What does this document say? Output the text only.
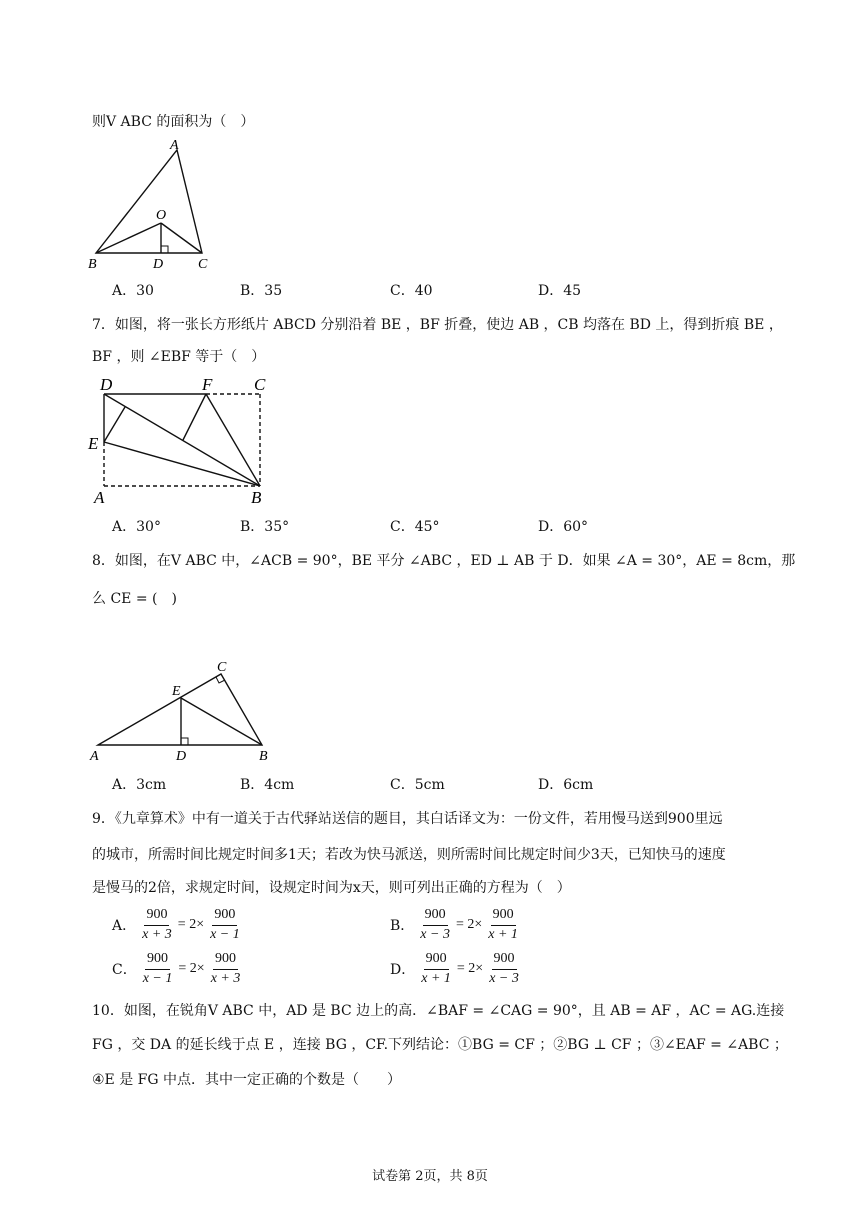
则V ABC 的面积为（　）
A
O
B	D C
A．30	B．35	C．40	D．45
7．如图，将一张长方形纸片 ABCD 分别沿着 BE ，BF 折叠，使边 AB ，CB 均落在 BD 上，得到折痕 BE ，
BF ，则 ∠EBF 等于（　）
D	F C
E
A	B
A．30°	B．35°	C．45°	D．60°
8．如图，在V ABC 中，∠ACB = 90°，BE 平分 ∠ABC ，ED ⊥ AB 于 D．如果 ∠A = 30°，AE = 8cm，那
么 CE = (　)
C
E
A	D	B
A．3cm	B．4cm	C．5cm	D．6cm
9．《九章算术》中有一道关于古代驿站送信的题目，其白话译文为：一份文件，若用慢马送到900里远
的城市，所需时间比规定时间多1天；若改为快马派送，则所需时间比规定时间少3天，已知快马的速度
是慢马的2倍，求规定时间，设规定时间为x天，则可列出正确的方程为（　）
A． $\frac{900}{x + 3} = 2\times \frac{900}{x - 1}$	B． $\frac{900}{x - 3} = 2\times \frac{900}{x + 1}$
C． $\frac{900}{x - 1} = 2\times \frac{900}{x + 3}$	D． $\frac{900}{x + 1} = 2\times \frac{900}{x - 3}$
10．如图，在锐角V ABC 中，AD 是 BC 边上的高．∠BAF = ∠CAG = 90°，且 AB = AF ，AC = AG.连接
FG ，交 DA 的延长线于点 E ，连接 BG ，CF.下列结论：①BG = CF ；②BG ⊥ CF ；③∠EAF = ∠ABC ；
④E 是 FG 中点．其中一定正确的个数是（　　）
试卷第 2页，共 8页
